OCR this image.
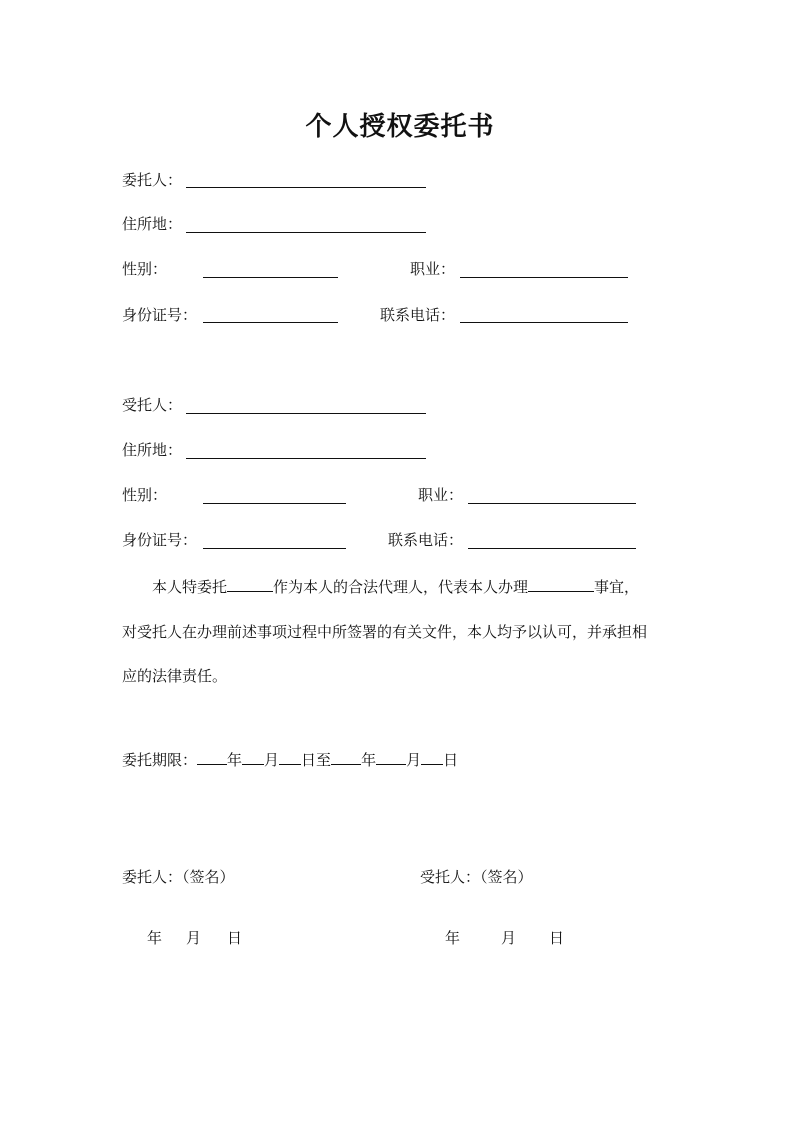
个人授权委托书
委托人：
住所地：
性别：	职业：
身份证号：	联系电话：
受托人：
住所地：
性别：	职业：
身份证号：	联系电话：
本人特委托	作为本人的合法代理人，代表本人办理	事宜，
对受托人在办理前述事项过程中所签署的有关文件，本人均予以认可，并承担相
应的法律责任。
委托期限： 年 月 日至 年 月 日
委托人：（签名）	受托人：（签名）
年 月 日	年	月 日
